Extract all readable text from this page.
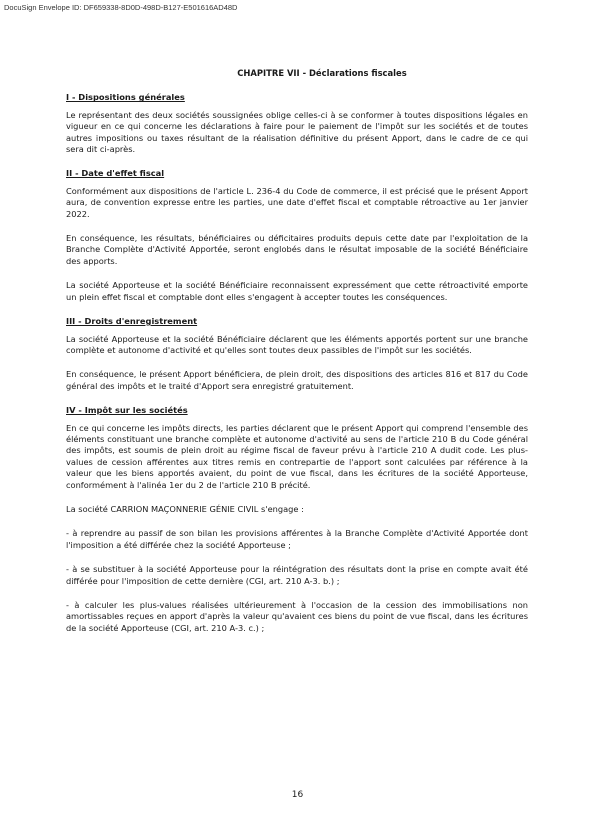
DocuSign Envelope ID: DF659338-8D0D-498D-B127-E501616AD48D
CHAPITRE VII - Déclarations fiscales
I - Dispositions générales

Le représentant des deux sociétés soussignées oblige celles-ci à se conformer à toutes dispositions légales en vigueur en ce qui concerne les déclarations à faire pour le paiement de l'impôt sur les sociétés et de toutes autres impositions ou taxes résultant de la réalisation définitive du présent Apport, dans le cadre de ce qui sera dit ci-après.

II - Date d'effet fiscal

Conformément aux dispositions de l'article L. 236-4 du Code de commerce, il est précisé que le présent Apport aura, de convention expresse entre les parties, une date d'effet fiscal et comptable rétroactive au 1er janvier 2022.

En conséquence, les résultats, bénéficiaires ou déficitaires produits depuis cette date par l'exploitation de la Branche Complète d'Activité Apportée, seront englobés dans le résultat imposable de la société Bénéficiaire des apports.

La société Apporteuse et la société Bénéficiaire reconnaissent expressément que cette rétroactivité emporte un plein effet fiscal et comptable dont elles s'engagent à accepter toutes les conséquences.

III - Droits d'enregistrement

La société Apporteuse et la société Bénéficiaire déclarent que les éléments apportés portent sur une branche complète et autonome d'activité et qu'elles sont toutes deux passibles de l'impôt sur les sociétés.

En conséquence, le présent Apport bénéficiera, de plein droit, des dispositions des articles 816 et 817 du Code général des impôts et le traité d'Apport sera enregistré gratuitement.

IV - Impôt sur les sociétés

En ce qui concerne les impôts directs, les parties déclarent que le présent Apport qui comprend l'ensemble des éléments constituant une branche complète et autonome d'activité au sens de l'article 210 B du Code général des impôts, est soumis de plein droit au régime fiscal de faveur prévu à l'article 210 A dudit code. Les plus-values de cession afférentes aux titres remis en contrepartie de l'apport sont calculées par référence à la valeur que les biens apportés avaient, du point de vue fiscal, dans les écritures de la société Apporteuse, conformément à l'alinéa 1er du 2 de l'article 210 B précité.

La société CARRION MAÇONNERIE GÉNIE CIVIL s'engage :

- à reprendre au passif de son bilan les provisions afférentes à la Branche Complète d'Activité Apportée dont l'imposition a été différée chez la société Apporteuse ;

- à se substituer à la société Apporteuse pour la réintégration des résultats dont la prise en compte avait été différée pour l'imposition de cette dernière (CGI, art. 210 A-3. b.) ;

- à calculer les plus-values réalisées ultérieurement à l'occasion de la cession des immobilisations non amortissables reçues en apport d'après la valeur qu'avaient ces biens du point de vue fiscal, dans les écritures de la société Apporteuse (CGI, art. 210 A-3. c.) ;

16
